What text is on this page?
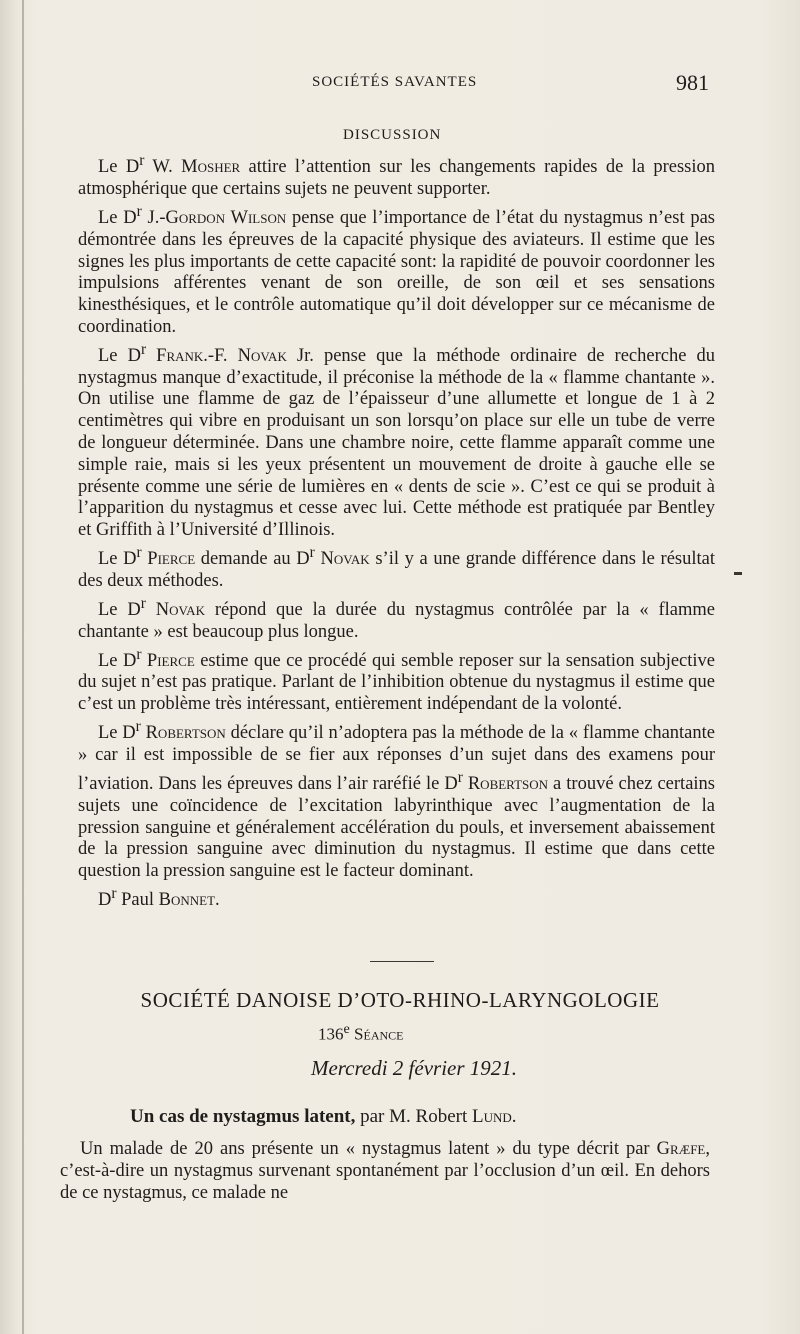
SOCIÉTÉS SAVANTES	981
DISCUSSION

Le $D^r$ W. Mosher attire l’attention sur les changements rapides de la pression atmosphérique que certains sujets ne peuvent supporter.

Le $D^r$ J.-Gordon Wilson pense que l’importance de l’état du nystagmus n’est pas démontrée dans les épreuves de la capacité physique des aviateurs. Il estime que les signes les plus importants de cette capacité sont: la rapidité de pouvoir coordonner les impulsions afférentes venant de son oreille, de son œil et ses sensations kinesthésiques, et le contrôle automatique qu’il doit développer sur ce mécanisme de coordination.

Le $D^r$ Frank.-F. Novak Jr. pense que la méthode ordinaire de recherche du nystagmus manque d’exactitude, il préconise la méthode de la « flamme chantante ». On utilise une flamme de gaz de l’épaisseur d’une allumette et longue de 1 à 2 centimètres qui vibre en produisant un son lorsqu’on place sur elle un tube de verre de longueur déterminée. Dans une chambre noire, cette flamme apparaît comme une simple raie, mais si les yeux présentent un mouvement de droite à gauche elle se présente comme une série de lumières en « dents de scie ». C’est ce qui se produit à l’apparition du nystagmus et cesse avec lui. Cette méthode est pratiquée par Bentley et Griffith à l’Université d’Illinois.

Le $D^r$ Pierce demande au $D^r$ Novak s’il y a une grande différence dans le résultat des deux méthodes.

Le $D^r$ Novak répond que la durée du nystagmus contrôlée par la « flamme chantante » est beaucoup plus longue.

Le $D^r$ Pierce estime que ce procédé qui semble reposer sur la sensation subjective du sujet n’est pas pratique. Parlant de l’inhibition obtenue du nystagmus il estime que c’est un problème très intéressant, entièrement indépendant de la volonté.

Le $D^r$ Robertson déclare qu’il n’adoptera pas la méthode de la « flamme chantante » car il est impossible de se fier aux réponses d’un sujet dans des examens pour l’aviation. Dans les épreuves dans l’air raréfié le $D^r$ Robertson a trouvé chez certains sujets une coïncidence de l’excitation labyrinthique avec l’augmentation de la pression sanguine et généralement accélération du pouls, et inversement abaissement de la pression sanguine avec diminution du nystagmus. Il estime que dans cette question la pression sanguine est le facteur dominant.

$D^r$ Paul Bonnet.

SOCIÉTÉ DANOISE D’OTO-RHINO-LARYNGOLOGIE
136e Séance
Mercredi 2 février 1921.
Un cas de nystagmus latent, par M. Robert Lund.

Un malade de 20 ans présente un « nystagmus latent » du type décrit par Græfe, c’est-à-dire un nystagmus survenant spontanément par l’occlusion d’un œil. En dehors de ce nystagmus, ce malade ne
